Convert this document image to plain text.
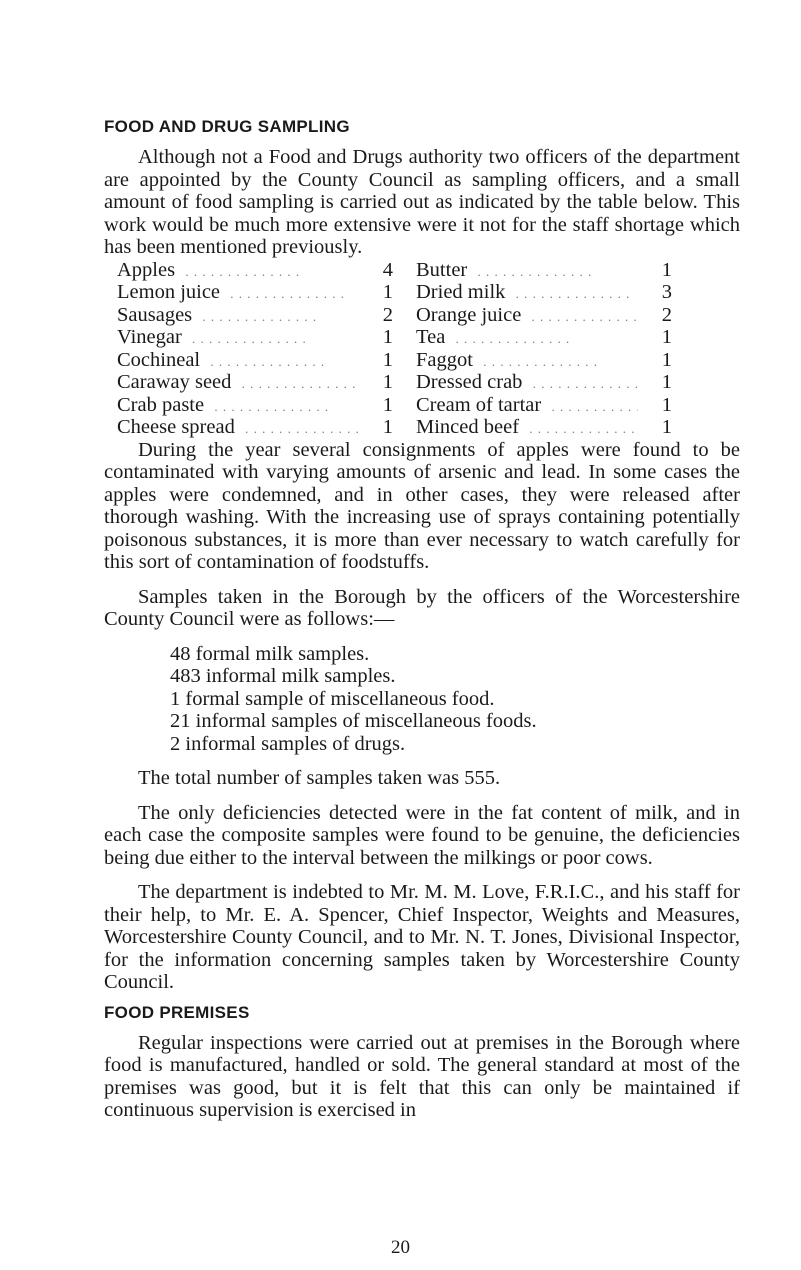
FOOD AND DRUG SAMPLING

Although not a Food and Drugs authority two officers of the department are appointed by the County Council as sampling officers, and a small amount of food sampling is carried out as indicated by the table below. This work would be much more extensive were it not for the staff shortage which has been mentioned previously.

Apples . .	4
Lemon juice . .	1
Sausages . .	2
Vinegar . .	1
Cochineal . .	1
Caraway seed . .	1
Crab paste . .	1
Cheese spread . .	1
Butter . .	1
Dried milk . .	3
Orange juice . .	2
Tea . .	1
Faggot . .	1
Dressed crab . .	1
Cream of tartar . .	1
Minced beef . .	1

During the year several consignments of apples were found to be contaminated with varying amounts of arsenic and lead. In some cases the apples were condemned, and in other cases, they were released after thorough washing. With the increasing use of sprays containing potentially poisonous substances, it is more than ever necessary to watch carefully for this sort of contamination of foodstuffs.

Samples taken in the Borough by the officers of the Worcestershire County Council were as follows:—

48 formal milk samples.
483 informal milk samples.
1 formal sample of miscellaneous food.
21 informal samples of miscellaneous foods.
2 informal samples of drugs.

The total number of samples taken was 555.

The only deficiencies detected were in the fat content of milk, and in each case the composite samples were found to be genuine, the deficiencies being due either to the interval between the milkings or poor cows.

The department is indebted to Mr. M. M. Love, F.R.I.C., and his staff for their help, to Mr. E. A. Spencer, Chief Inspector, Weights and Measures, Worcestershire County Council, and to Mr. N. T. Jones, Divisional Inspector, for the information concerning samples taken by Worcestershire County Council.

FOOD PREMISES

Regular inspections were carried out at premises in the Borough where food is manufactured, handled or sold. The general standard at most of the premises was good, but it is felt that this can only be maintained if continuous supervision is exercised in

20
